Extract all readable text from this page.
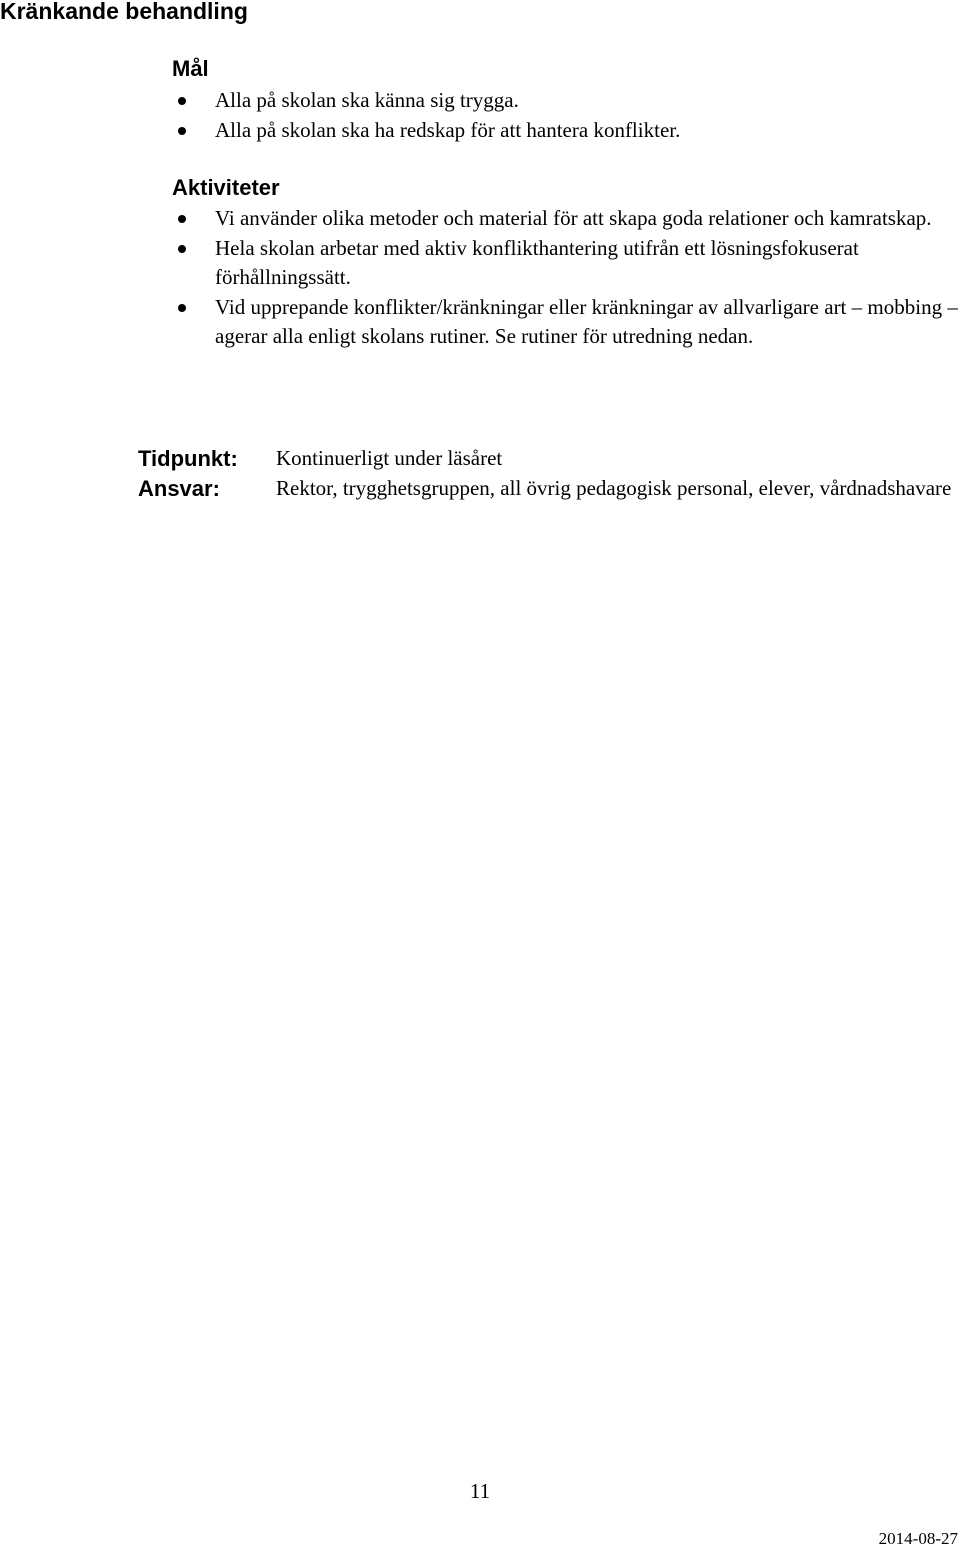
Kränkande behandling
Mål
Alla på skolan ska känna sig trygga.
Alla på skolan ska ha redskap för att hantera konflikter.
Aktiviteter
Vi använder olika metoder och material för att skapa goda relationer och kamratskap.
Hela skolan arbetar med aktiv konflikthantering utifrån ett lösningsfokuserat förhållningssätt.
Vid upprepande konflikter/kränkningar eller kränkningar av allvarligare art – mobbing – agerar alla enligt skolans rutiner. Se rutiner för utredning nedan.
Tidpunkt: Kontinuerligt under läsåret
Ansvar:	Rektor, trygghetsgruppen, all övrig pedagogisk personal, elever, vårdnadshavare
11
2014-08-27
